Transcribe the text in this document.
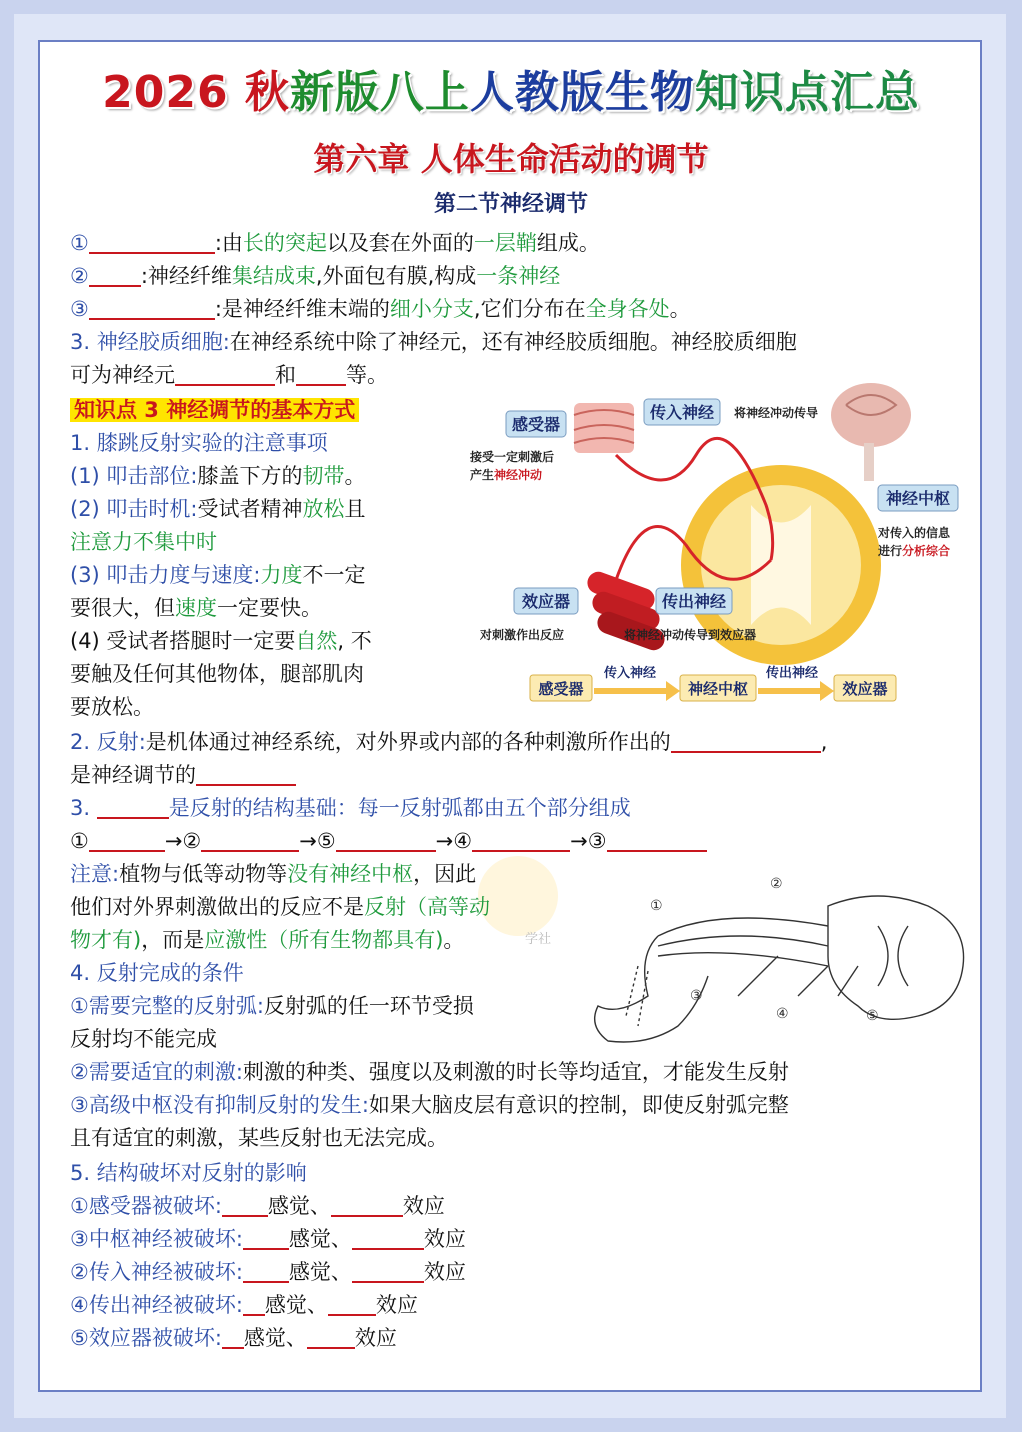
2026 秋新版八上人教版生物知识点汇总
第六章 人体生命活动的调节
第二节神经调节
①	:由长的突起以及套在外面的一层鞘组成。
② :神经纤维集结成束,外面包有膜,构成一条神经
③	:是神经纤维末端的细小分支,它们分布在全身各处。
3. 神经胶质细胞:在神经系统中除了神经元，还有神经胶质细胞。神经胶质细胞
可为神经元	和 等。
知识点 3 神经调节的基本方式
1. 膝跳反射实验的注意事项
(1) 叩击部位:膝盖下方的韧带。
(2) 叩击时机:受试者精神放松且
注意力不集中时
(3) 叩击力度与速度:力度不一定
要很大，但速度一定要快。
(4) 受试者搭腿时一定要自然, 不
要触及任何其他物体，腿部肌肉
要放松。
感受器
传入神经 将神经冲动传导
接受一定刺激后
产生神经冲动
神经中枢
对传入的信息
进行分析综合
效应器	传出神经
对刺激作出反应	将神经冲动传导到效应器
感受器
传入神经
神经中枢
传出神经
效应器
2. 反射:是机体通过神经系统，对外界或内部的各种刺激所作出的	,
是神经调节的
3.	是反射的结构基础：每一反射弧都由五个部分组成
①	→②	→⑤	→④	→③
注意:植物与低等动物等没有神经中枢，因此
他们对外界刺激做出的反应不是反射（高等动
物才有)，而是应激性（所有生物都具有)。	学社
①
②
③
④	⑤
4. 反射完成的条件
①需要完整的反射弧:反射弧的任一环节受损
反射均不能完成
②需要适宜的刺激:刺激的种类、强度以及刺激的时长等均适宜，才能发生反射
③高级中枢没有抑制反射的发生:如果大脑皮层有意识的控制，即使反射弧完整
且有适宜的刺激，某些反射也无法完成。
5. 结构破坏对反射的影响
①感受器被破坏: 感觉、	效应
③中枢神经被破坏: 感觉、	效应
②传入神经被破坏: 感觉、	效应
④传出神经被破坏: 感觉、 效应
⑤效应器被破坏: 感觉、 效应
